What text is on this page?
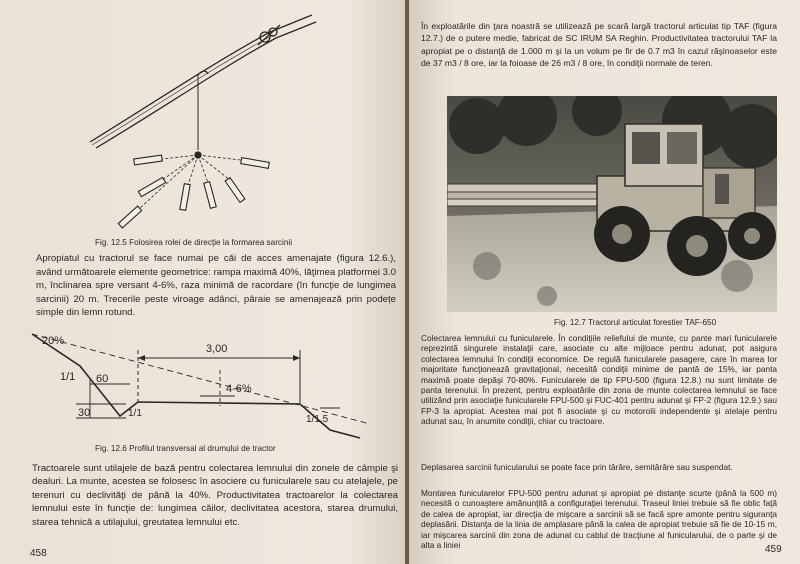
Fig. 12.5 Folosirea rolei de direcţie la formarea sarcinii

Apropiatul cu tractorul se face numai pe căi de acces amenajate (figura 12.6.), având următoarele elemente geometrice: rampa maximă 40%, lăţimea platformei 3.0 m, înclinarea spre versant 4-6%, raza minimă de racordare (în funcţie de lungimea sarcinii) 20 m. Trecerile peste viroage adânci, pâraie se amenajează prin podețe simple din lemn rotund.

20%
3,00
1/1 60
30	1/1
4-6%
1/1,5

Fig. 12.6 Profilul transversal al drumului de tractor

Tractoarele sunt utilajele de bază pentru colectarea lemnului din zonele de câmpie şi dealuri. La munte, acestea se folosesc în asociere cu funicularele sau cu atelajele, pe terenuri cu declivităţi de până la 40%. Productivitatea tractoarelor la colectarea lemnului este în funcţie de: lungimea căilor, declivitatea acestora, starea drumului, starea tehnică a utilajului, greutatea lemnului etc.

458

În exploatările din ţara noastră se utilizează pe scară largă tractorul articulat tip TAF (figura 12.7.) de o putere medie, fabricat de SC IRUM SA Reghin. Productivitatea tractorului TAF la apropiat pe o distanţă de 1.000 m şi la un volum pe fir de 0.7 m3 în cazul răşinoaselor este de 37 m3 / 8 ore, iar la foioase de 26 m3 / 8 ore, în condiţii normale de teren.

Fig. 12.7 Tractorul articulat forestier TAF-650

Colectarea lemnului cu funicularele. În condiţiile reliefului de munte, cu pante mari funicularele reprezintă singurele instalaţii care, asociate cu alte mijloace pentru adunat, pot asigura colectarea lemnului în condiţii economice. De regulă funicularele pasagere, care în marea lor majoritate funcţionează gravitaţional, necesită condiţii minime de pantă de 15%, iar panta maximă poate depăşi 70-80%. Funicularele de tip FPU-500 (figura 12.8.) nu sunt limitate de panta terenului. În prezent, pentru exploatările din zona de munte colectarea lemnului se face utilizând prin asociaţie funicularele FPU-500 şi FUC-401 pentru adunat şi FP-2 (figura 12.9.) sau FP-3 la apropiat. Acestea mai pot fi asociate şi cu motorolii independente şi atelaje pentru adunat sau, în anumite condiţii, chiar cu tractoare.

Deplasarea sarcinii funicularului se poate face prin târâre, semitârâre sau suspendat.

Montarea funicularelor FPU-500 pentru adunat şi apropiat pe distanţe scurte (până la 500 m) necesită o cunoaştere amănunţită a configuraţiei terenului. Traseul liniei trebuie să fie oblic faţă de calea de apropiat, iar direcţia de mişcare a sarcinii să se facă spre amonte pentru siguranţa deplasării. Distanţa de la linia de amplasare până la calea de apropiat trebuie să fie de 10-15 m, iar mişcarea sarcinii din zona de adunat cu cablul de tracţiune al funicularului, de o parte şi de alta a liniei	459
